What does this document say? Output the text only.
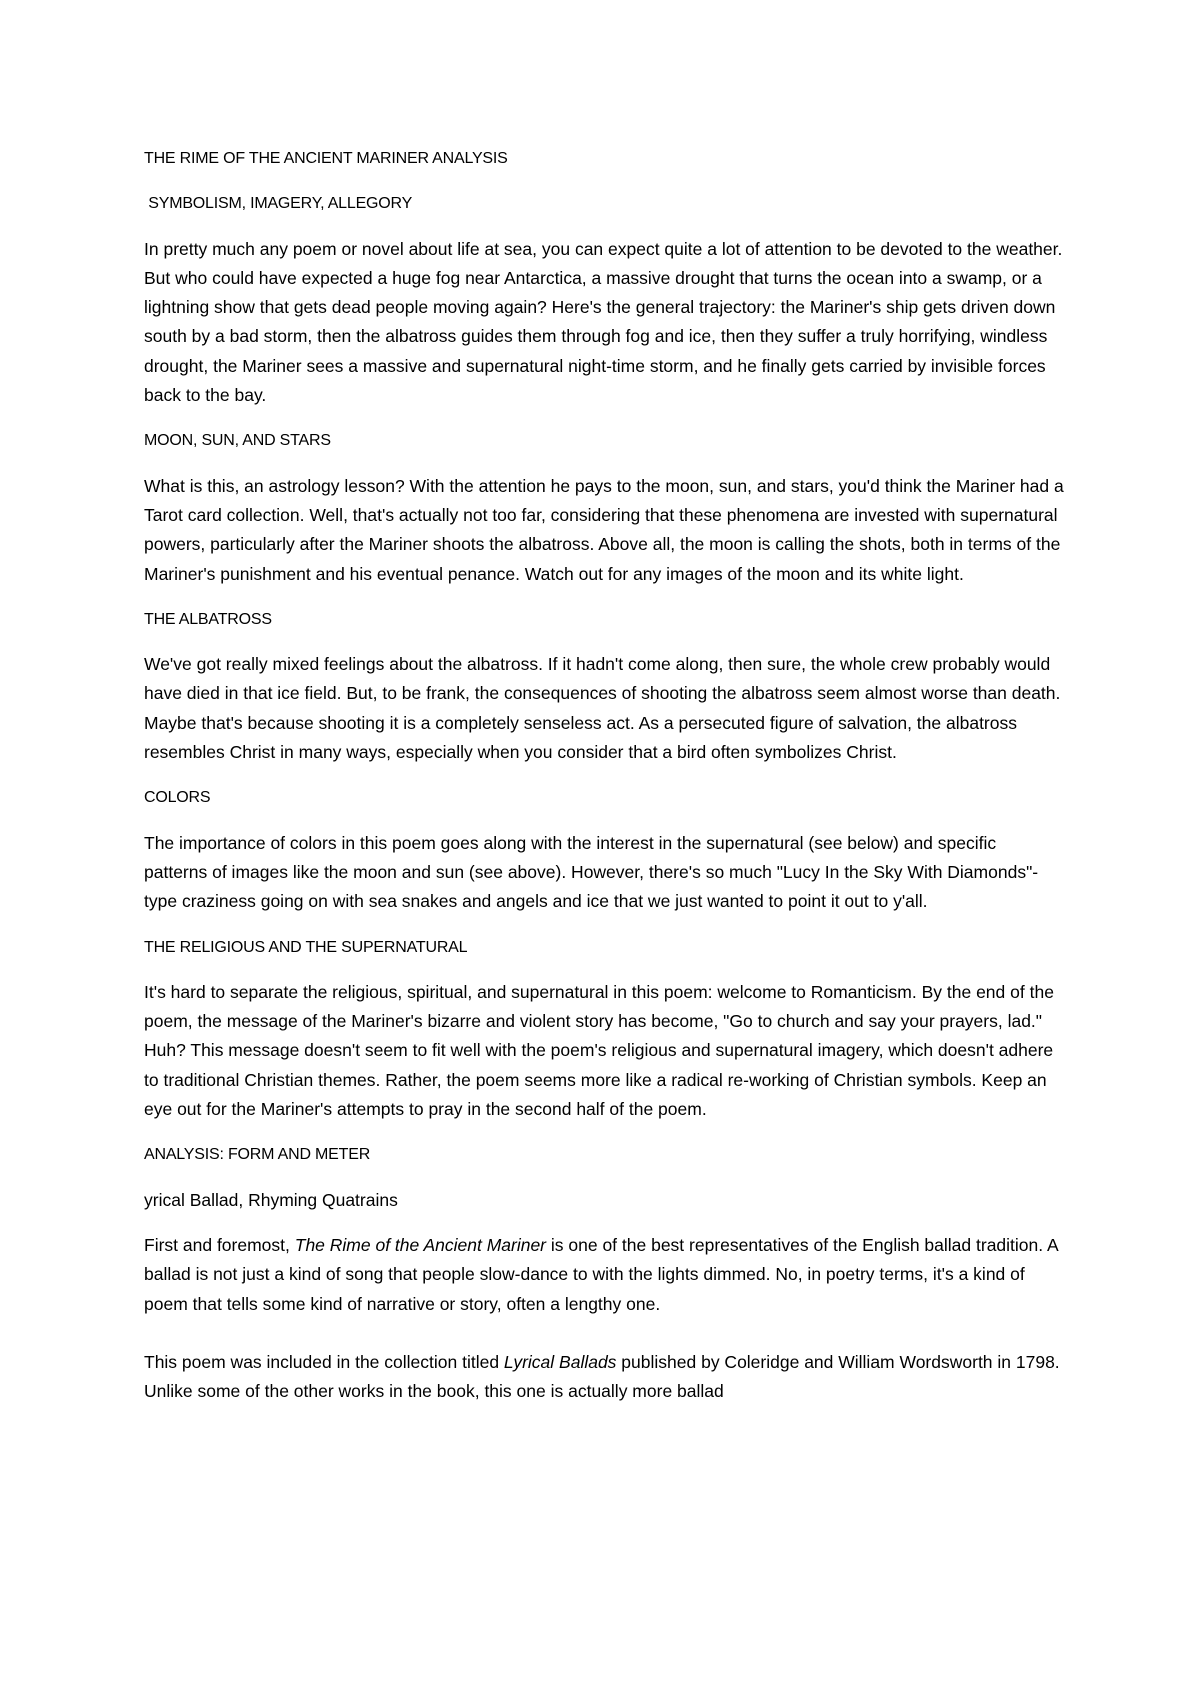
THE RIME OF THE ANCIENT MARINER ANALYSIS

SYMBOLISM, IMAGERY, ALLEGORY

In pretty much any poem or novel about life at sea, you can expect quite a lot of attention to be devoted to the weather. But who could have expected a huge fog near Antarctica, a massive drought that turns the ocean into a swamp, or a lightning show that gets dead people moving again? Here's the general trajectory: the Mariner's ship gets driven down south by a bad storm, then the albatross guides them through fog and ice, then they suffer a truly horrifying, windless drought, the Mariner sees a massive and supernatural night-time storm, and he finally gets carried by invisible forces back to the bay.

MOON, SUN, AND STARS

What is this, an astrology lesson? With the attention he pays to the moon, sun, and stars, you'd think the Mariner had a Tarot card collection. Well, that's actually not too far, considering that these phenomena are invested with supernatural powers, particularly after the Mariner shoots the albatross. Above all, the moon is calling the shots, both in terms of the Mariner's punishment and his eventual penance. Watch out for any images of the moon and its white light.

THE ALBATROSS

We've got really mixed feelings about the albatross. If it hadn't come along, then sure, the whole crew probably would have died in that ice field. But, to be frank, the consequences of shooting the albatross seem almost worse than death. Maybe that's because shooting it is a completely senseless act. As a persecuted figure of salvation, the albatross resembles Christ in many ways, especially when you consider that a bird often symbolizes Christ.

COLORS

The importance of colors in this poem goes along with the interest in the supernatural (see below) and specific patterns of images like the moon and sun (see above). However, there's so much "Lucy In the Sky With Diamonds"-type craziness going on with sea snakes and angels and ice that we just wanted to point it out to y'all.

THE RELIGIOUS AND THE SUPERNATURAL

It's hard to separate the religious, spiritual, and supernatural in this poem: welcome to Romanticism. By the end of the poem, the message of the Mariner's bizarre and violent story has become, "Go to church and say your prayers, lad." Huh? This message doesn't seem to fit well with the poem's religious and supernatural imagery, which doesn't adhere to traditional Christian themes. Rather, the poem seems more like a radical re-working of Christian symbols. Keep an eye out for the Mariner's attempts to pray in the second half of the poem.

ANALYSIS: FORM AND METER

yrical Ballad, Rhyming Quatrains

First and foremost, The Rime of the Ancient Mariner is one of the best representatives of the English ballad tradition. A ballad is not just a kind of song that people slow-dance to with the lights dimmed. No, in poetry terms, it's a kind of poem that tells some kind of narrative or story, often a lengthy one.

This poem was included in the collection titled Lyrical Ballads published by Coleridge and William Wordsworth in 1798. Unlike some of the other works in the book, this one is actually more ballad
